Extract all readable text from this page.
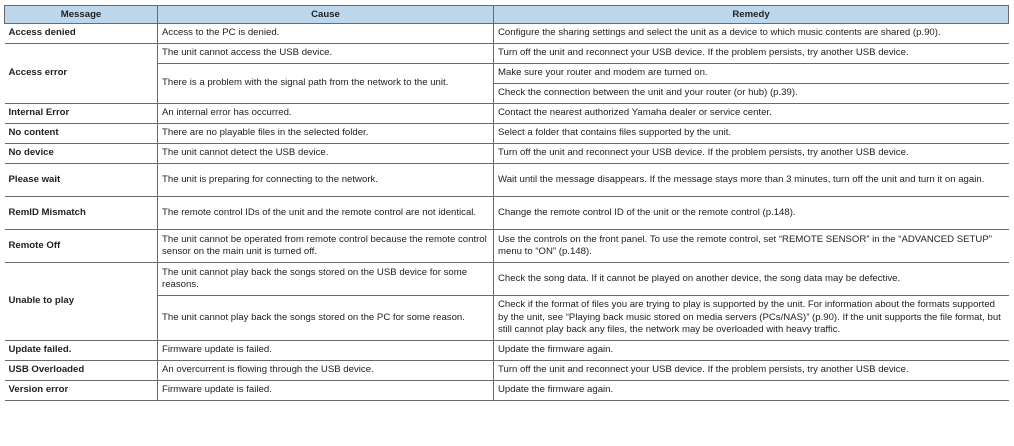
Message	Cause	Remedy
Access denied	Access to the PC is denied.	Configure the sharing settings and select the unit as a device to which music contents are shared (p.90).
Access error	The unit cannot access the USB device.	Turn off the unit and reconnect your USB device. If the problem persists, try another USB device.
	There is a problem with the signal path from the network to the unit.	Make sure your router and modem are turned on.
		Check the connection between the unit and your router (or hub) (p.39).
Internal Error	An internal error has occurred.	Contact the nearest authorized Yamaha dealer or service center.
No content	There are no playable files in the selected folder.	Select a folder that contains files supported by the unit.
No device	The unit cannot detect the USB device.	Turn off the unit and reconnect your USB device. If the problem persists, try another USB device.
Please wait	The unit is preparing for connecting to the network.	Wait until the message disappears. If the message stays more than 3 minutes, turn off the unit and turn it on again.
RemID Mismatch	The remote control IDs of the unit and the remote control are not identical.	Change the remote control ID of the unit or the remote control (p.148).
Remote Off	The unit cannot be operated from remote control because the remote control sensor on the main unit is turned off.	Use the controls on the front panel. To use the remote control, set “REMOTE SENSOR” in the “ADVANCED SETUP” menu to “ON” (p.148).
Unable to play	The unit cannot play back the songs stored on the USB device for some reasons.	Check the song data. If it cannot be played on another device, the song data may be defective.
	The unit cannot play back the songs stored on the PC for some reason.	Check if the format of files you are trying to play is supported by the unit. For information about the formats supported by the unit, see “Playing back music stored on media servers (PCs/NAS)” (p.90). If the unit supports the file format, but still cannot play back any files, the network may be overloaded with heavy traffic.
Update failed.	Firmware update is failed.	Update the firmware again.
USB Overloaded	An overcurrent is flowing through the USB device.	Turn off the unit and reconnect your USB device. If the problem persists, try another USB device.
Version error	Firmware update is failed.	Update the firmware again.
